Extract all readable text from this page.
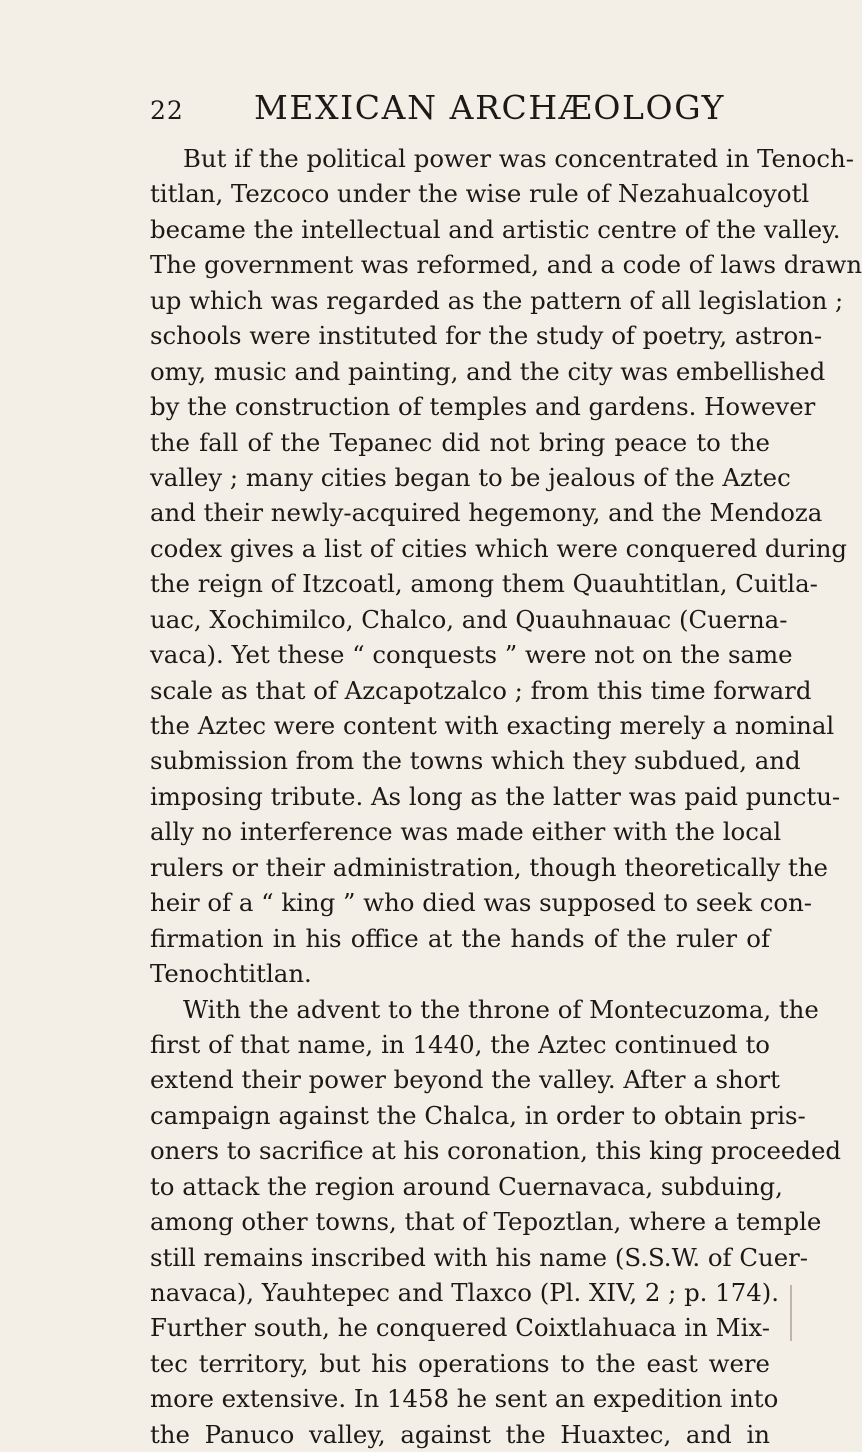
22 MEXICAN ARCHÆOLOGY
But if the political power was concentrated in Tenoch-
titlan, Tezcoco under the wise rule of Nezahualcoyotl
became the intellectual and artistic centre of the valley.
The government was reformed, and a code of laws drawn
up which was regarded as the pattern of all legislation ;
schools were instituted for the study of poetry, astron-
omy, music and painting, and the city was embellished
by the construction of temples and gardens. However
the fall of the Tepanec did not bring peace to the
valley ; many cities began to be jealous of the Aztec
and their newly-acquired hegemony, and the Mendoza
codex gives a list of cities which were conquered during
the reign of Itzcoatl, among them Quauhtitlan, Cuitla-
uac, Xochimilco, Chalco, and Quauhnauac (Cuerna-
vaca). Yet these “ conquests ” were not on the same
scale as that of Azcapotzalco ; from this time forward
the Aztec were content with exacting merely a nominal
submission from the towns which they subdued, and
imposing tribute. As long as the latter was paid punctu-
ally no interference was made either with the local
rulers or their administration, though theoretically the
heir of a “ king ” who died was supposed to seek con-
firmation in his office at the hands of the ruler of
Tenochtitlan.
With the advent to the throne of Montecuzoma, the
first of that name, in 1440, the Aztec continued to
extend their power beyond the valley. After a short
campaign against the Chalca, in order to obtain pris-
oners to sacrifice at his coronation, this king proceeded
to attack the region around Cuernavaca, subduing,
among other towns, that of Tepoztlan, where a temple
still remains inscribed with his name (S.S.W. of Cuer-
navaca), Yauhtepec and Tlaxco (Pl. XIV, 2 ; p. 174).
Further south, he conquered Coixtlahuaca in Mix-
tec territory, but his operations to the east were
more extensive. In 1458 he sent an expedition into
the Panuco valley, against the Huaxtec, and in
